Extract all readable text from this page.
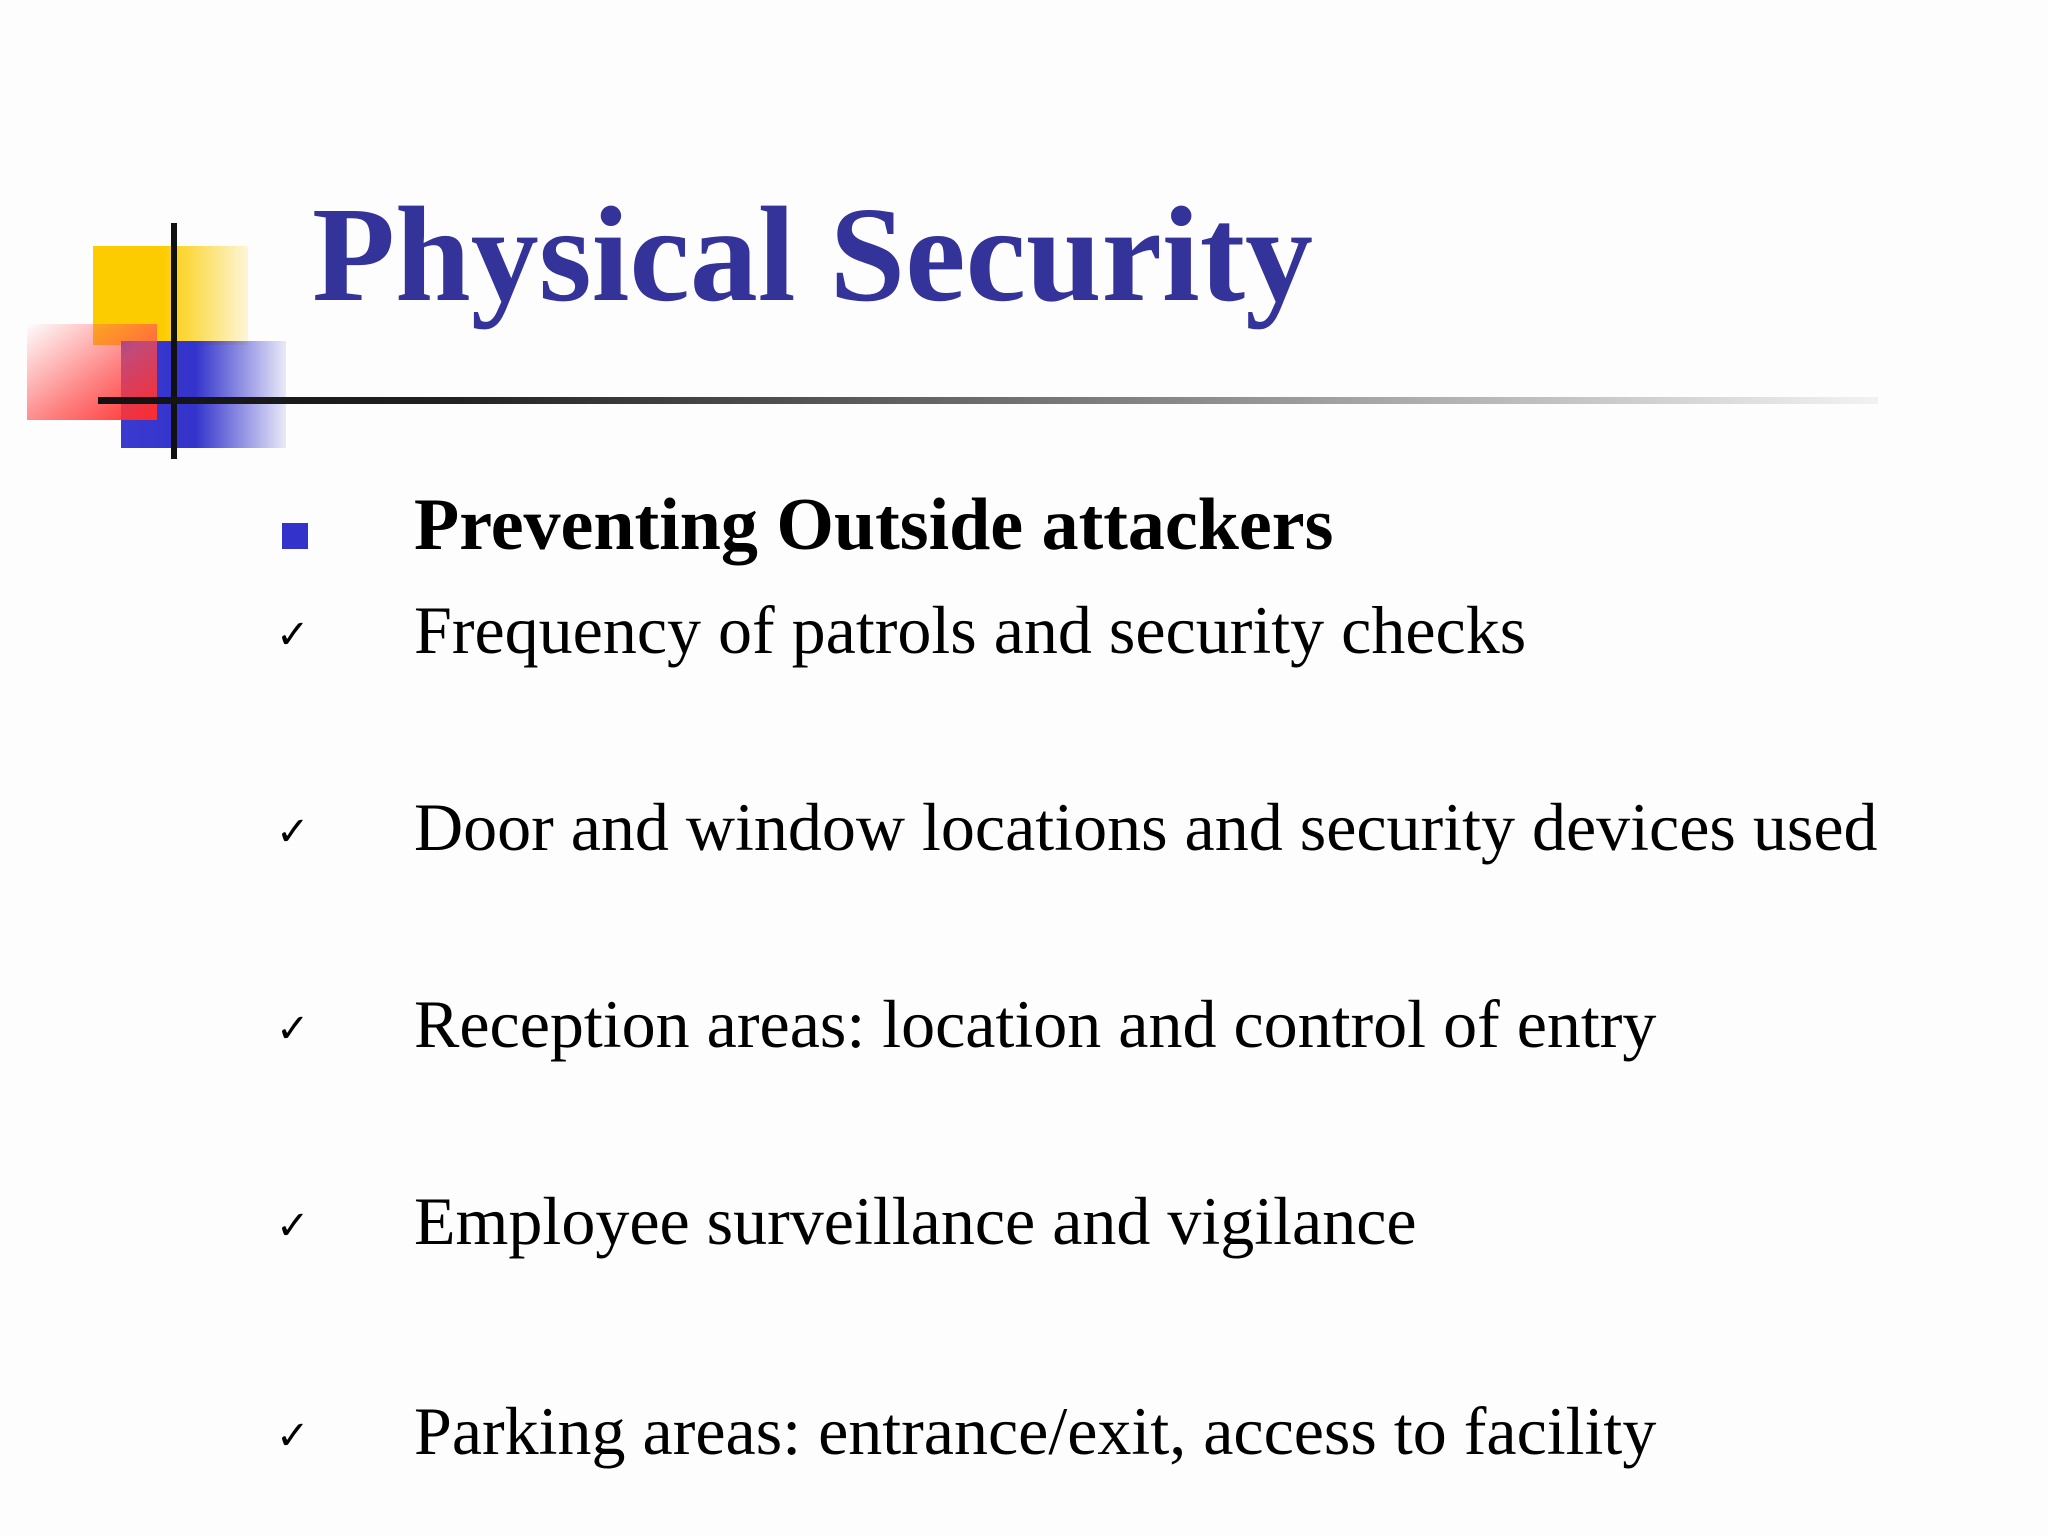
Physical Security
Preventing Outside attackers
✓ Frequency of patrols and security checks
✓ Door and window locations and security devices used
✓ Reception areas: location and control of entry
✓ Employee surveillance and vigilance
✓ Parking areas: entrance/exit, access to facility
